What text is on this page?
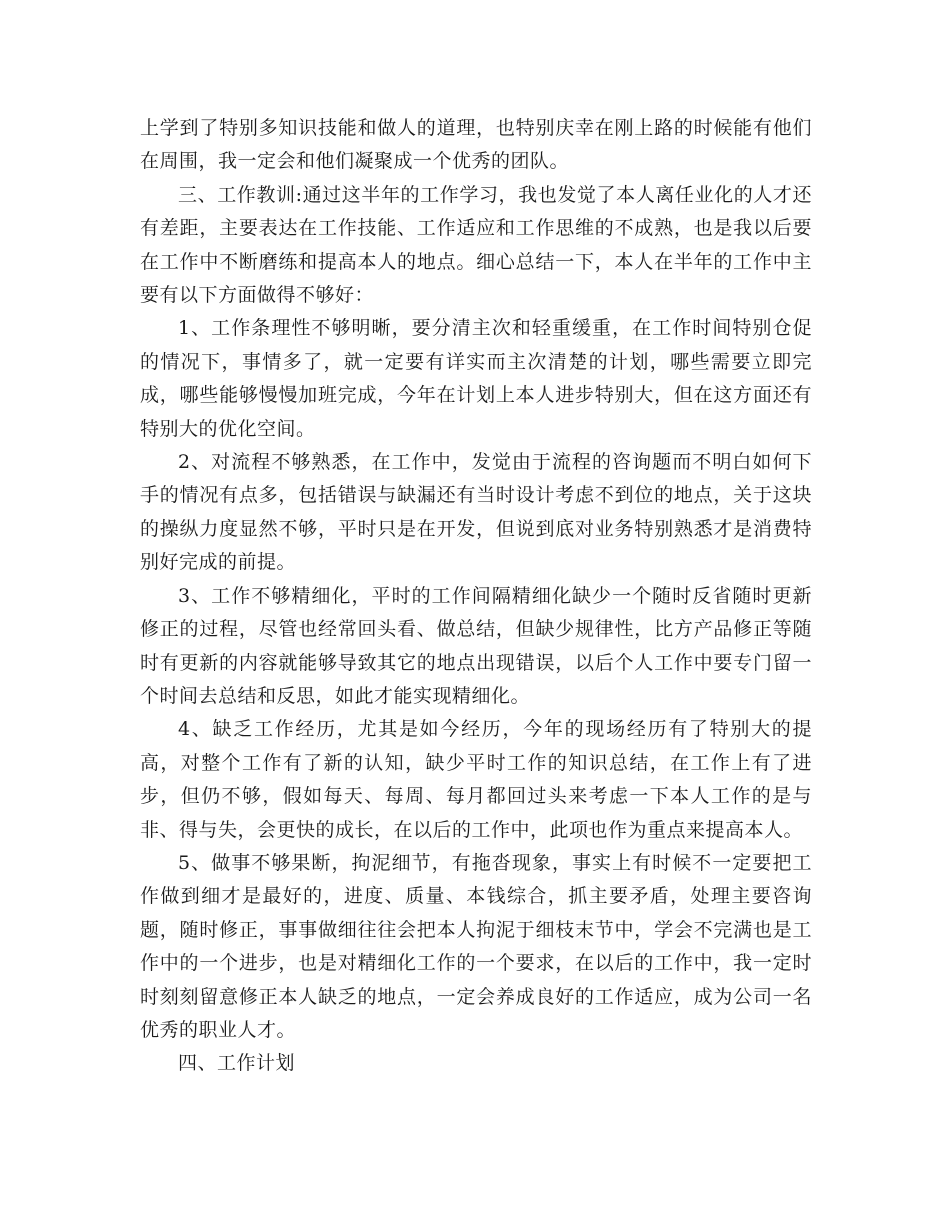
上学到了特别多知识技能和做人的道理，也特别庆幸在刚上路的时候能有他们在周围，我一定会和他们凝聚成一个优秀的团队。

三、工作教训:通过这半年的工作学习，我也发觉了本人离任业化的人才还有差距，主要表达在工作技能、工作适应和工作思维的不成熟，也是我以后要在工作中不断磨练和提高本人的地点。细心总结一下，本人在半年的工作中主要有以下方面做得不够好：

1、工作条理性不够明晰，要分清主次和轻重缓重，在工作时间特别仓促的情况下，事情多了，就一定要有详实而主次清楚的计划，哪些需要立即完成，哪些能够慢慢加班完成，今年在计划上本人进步特别大，但在这方面还有特别大的优化空间。

2、对流程不够熟悉，在工作中，发觉由于流程的咨询题而不明白如何下手的情况有点多，包括错误与缺漏还有当时设计考虑不到位的地点，关于这块的操纵力度显然不够，平时只是在开发，但说到底对业务特别熟悉才是消费特别好完成的前提。

3、工作不够精细化，平时的工作间隔精细化缺少一个随时反省随时更新修正的过程，尽管也经常回头看、做总结，但缺少规律性，比方产品修正等随时有更新的内容就能够导致其它的地点出现错误，以后个人工作中要专门留一个时间去总结和反思，如此才能实现精细化。

4、缺乏工作经历，尤其是如今经历，今年的现场经历有了特别大的提高，对整个工作有了新的认知，缺少平时工作的知识总结，在工作上有了进步，但仍不够，假如每天、每周、每月都回过头来考虑一下本人工作的是与非、得与失，会更快的成长，在以后的工作中，此项也作为重点来提高本人。

5、做事不够果断，拘泥细节，有拖沓现象，事实上有时候不一定要把工作做到细才是最好的，进度、质量、本钱综合，抓主要矛盾，处理主要咨询题，随时修正，事事做细往往会把本人拘泥于细枝末节中，学会不完满也是工作中的一个进步，也是对精细化工作的一个要求，在以后的工作中，我一定时时刻刻留意修正本人缺乏的地点，一定会养成良好的工作适应，成为公司一名优秀的职业人才。

四、工作计划
